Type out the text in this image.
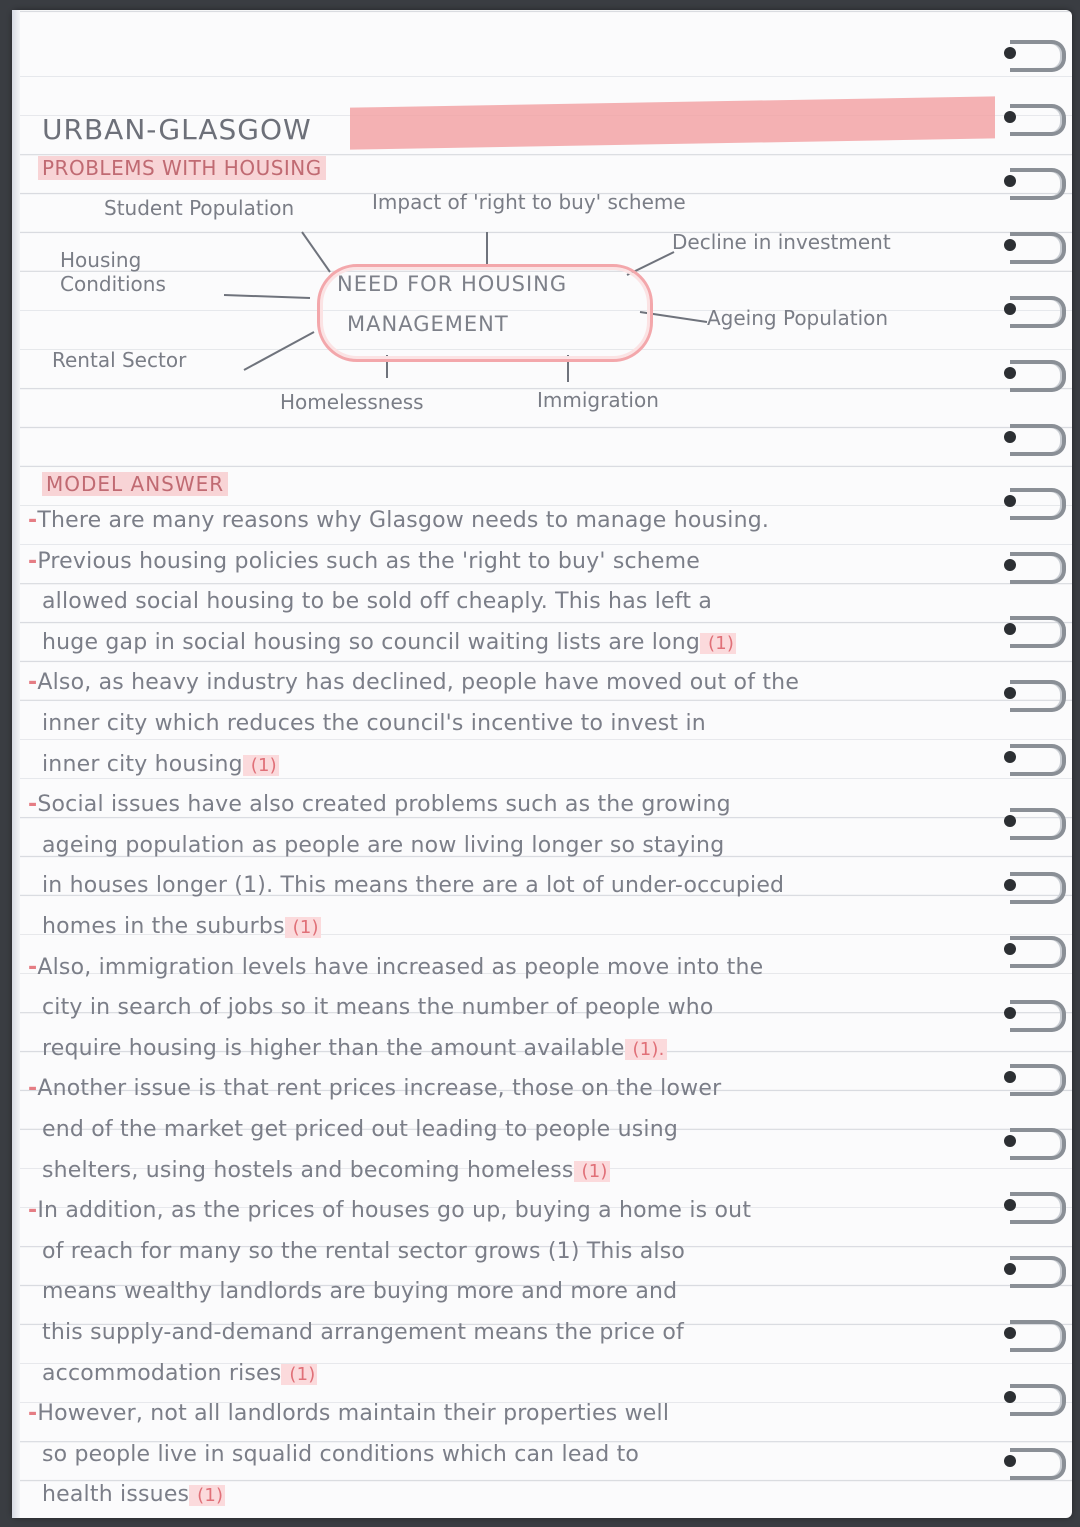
URBAN-GLASGOW
PROBLEMS WITH HOUSING
NEED FOR HOUSING
MANAGEMENT
Student Population	Impact of 'right to buy' scheme
Decline in investment
Housing
Conditions
Ageing Population
Rental Sector
Homelessness	Immigration
MODEL ANSWER
-There are many reasons why Glasgow needs to manage housing.
-Previous housing policies such as the 'right to buy' scheme
allowed social housing to be sold off cheaply. This has left a
huge gap in social housing so council waiting lists are long (1)
-Also, as heavy industry has declined, people have moved out of the
inner city which reduces the council's incentive to invest in
inner city housing (1)
-Social issues have also created problems such as the growing
ageing population as people are now living longer so staying
in houses longer (1). This means there are a lot of under-occupied
homes in the suburbs (1)
-Also, immigration levels have increased as people move into the
city in search of jobs so it means the number of people who
require housing is higher than the amount available (1).
-Another issue is that rent prices increase, those on the lower
end of the market get priced out leading to people using
shelters, using hostels and becoming homeless (1)
-In addition, as the prices of houses go up, buying a home is out
of reach for many so the rental sector grows (1) This also
means wealthy landlords are buying more and more and
this supply-and-demand arrangement means the price of
accommodation rises (1)
-However, not all landlords maintain their properties well
so people live in squalid conditions which can lead to
health issues (1)
